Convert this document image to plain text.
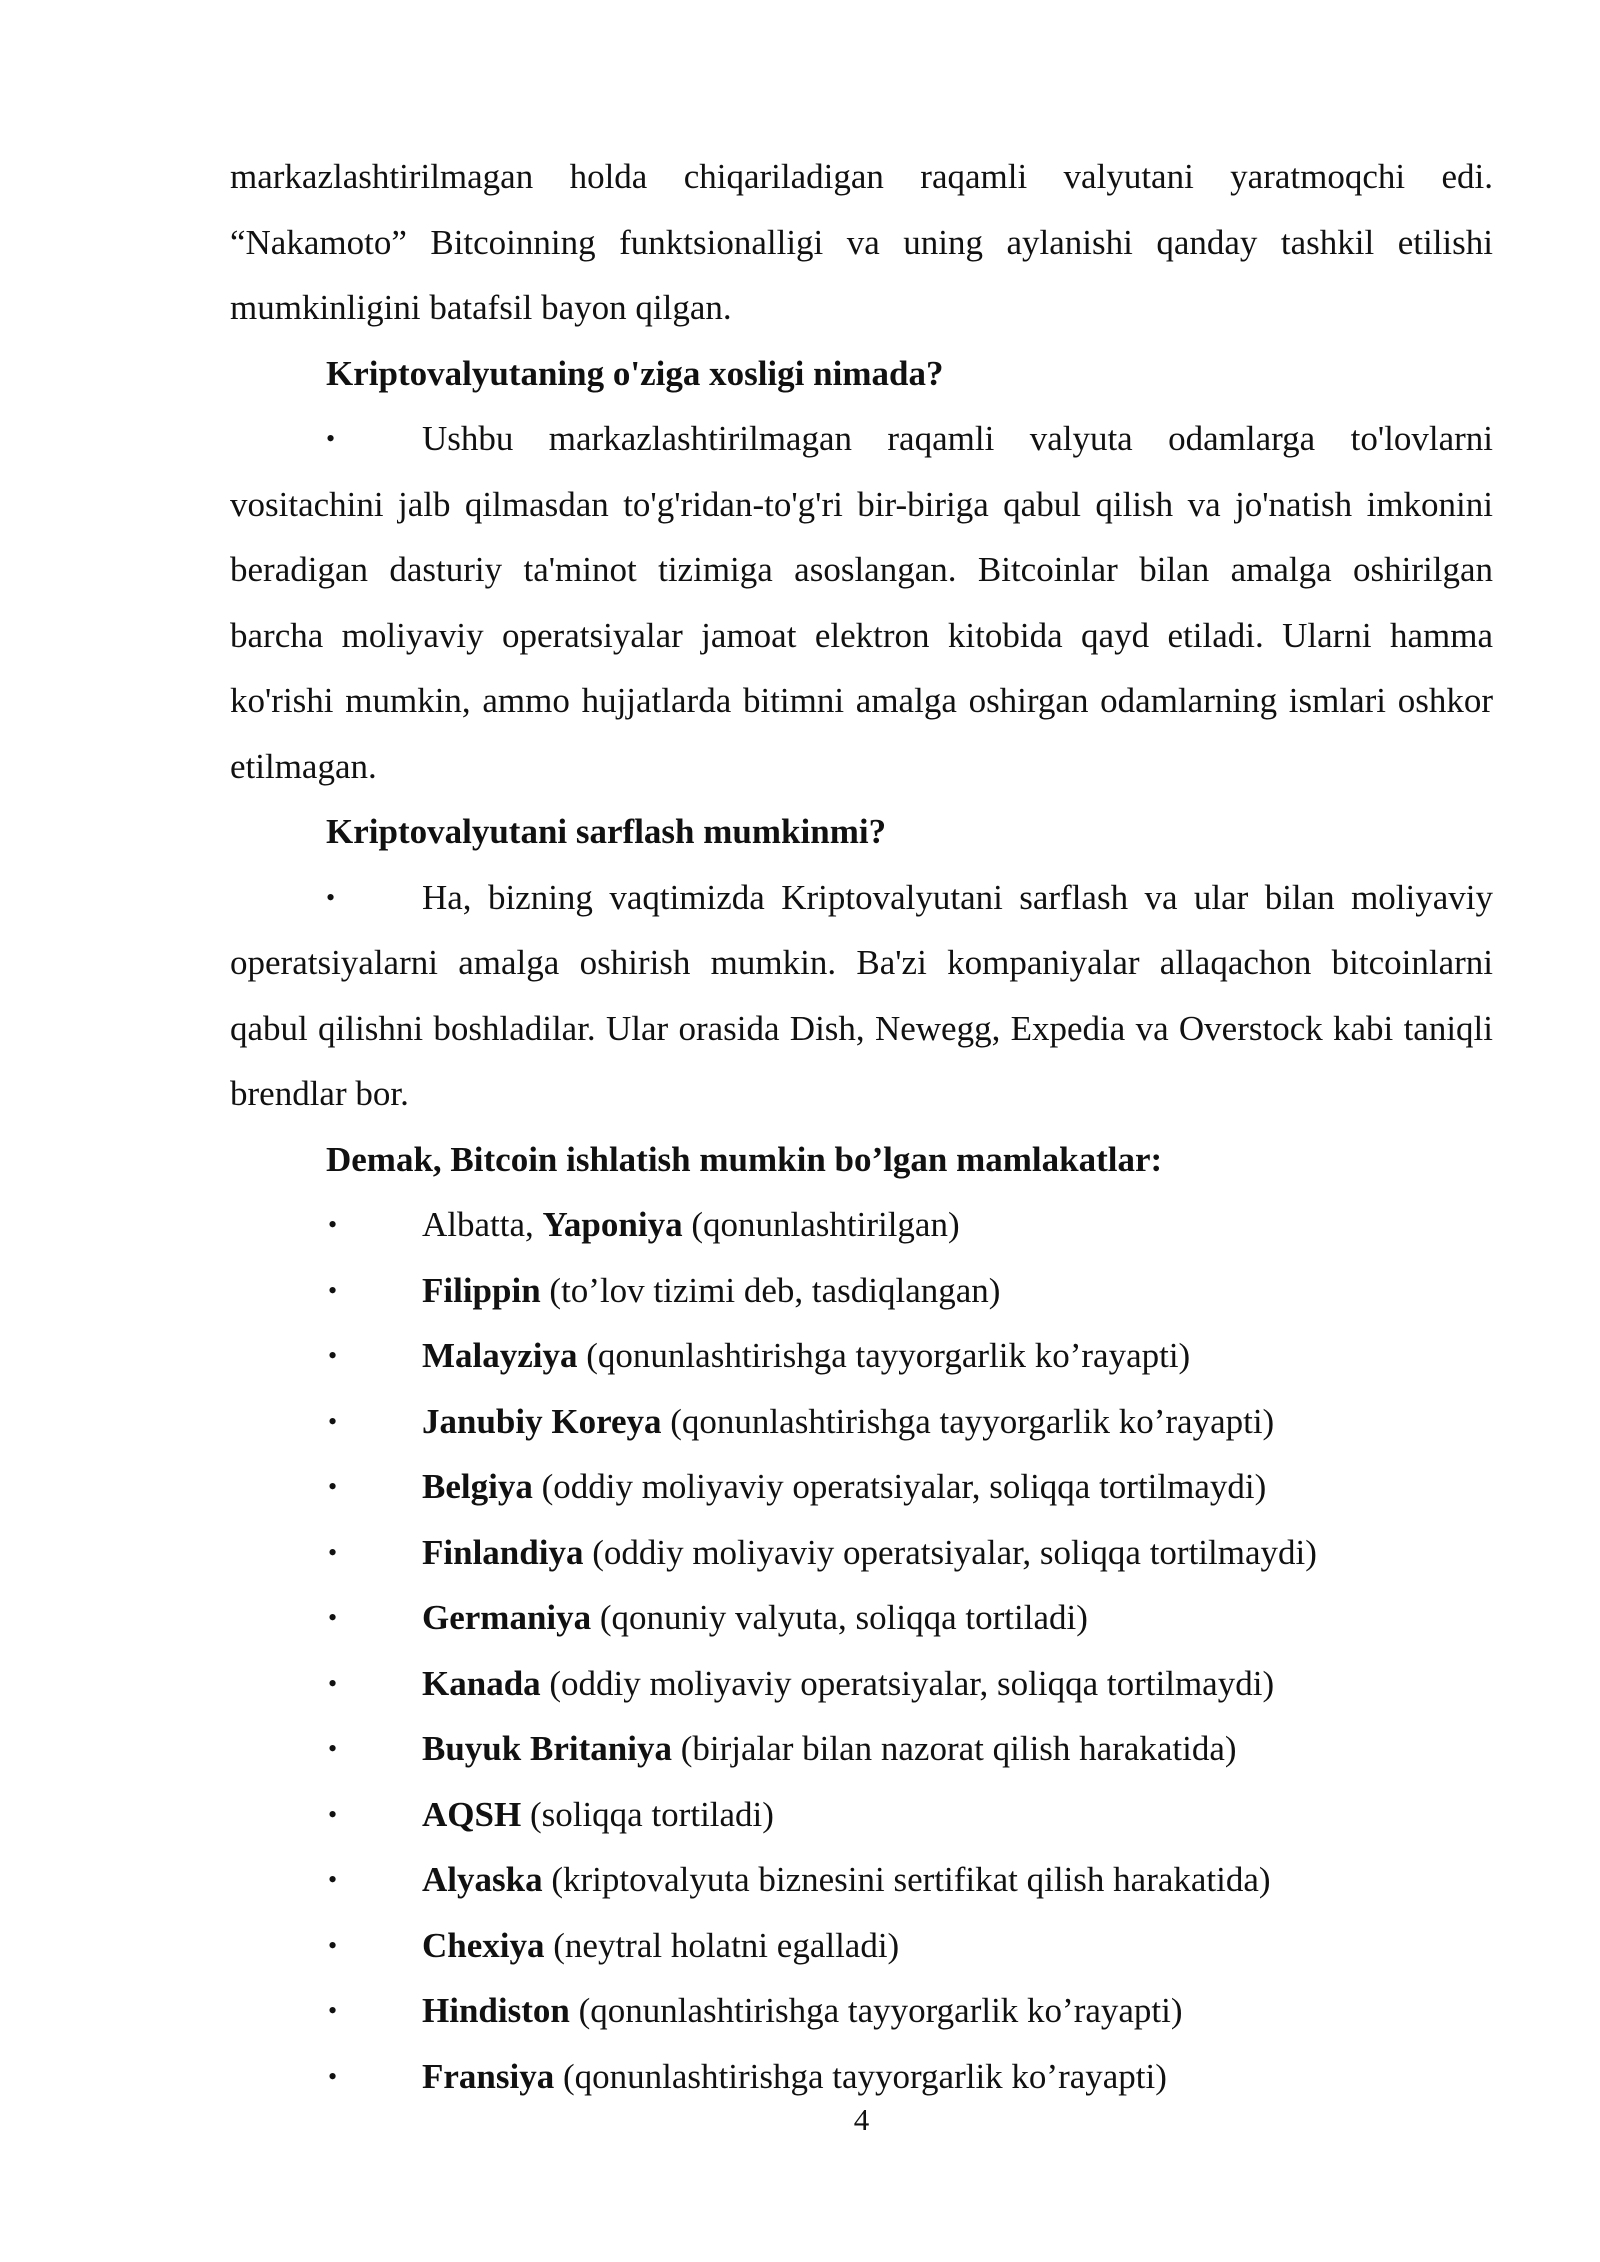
markazlashtirilmagan holda chiqariladigan raqamli valyutani yaratmoqchi edi. “Nakamoto” Bitcoinning funktsionalligi va uning aylanishi qanday tashkil etilishi mumkinligini batafsil bayon qilgan.

Kriptovalyutaning o'ziga xosligi nimada?

• Ushbu markazlashtirilmagan raqamli valyuta odamlarga to'lovlarni vositachini jalb qilmasdan to'g'ridan-to'g'ri bir-biriga qabul qilish va jo'natish imkonini beradigan dasturiy ta'minot tizimiga asoslangan. Bitcoinlar bilan amalga oshirilgan barcha moliyaviy operatsiyalar jamoat elektron kitobida qayd etiladi. Ularni hamma ko'rishi mumkin, ammo hujjatlarda bitimni amalga oshirgan odamlarning ismlari oshkor etilmagan.

Kriptovalyutani sarflash mumkinmi?

• Ha, bizning vaqtimizda Kriptovalyutani sarflash va ular bilan moliyaviy operatsiyalarni amalga oshirish mumkin. Ba'zi kompaniyalar allaqachon bitcoinlarni qabul qilishni boshladilar. Ular orasida Dish, Newegg, Expedia va Overstock kabi taniqli brendlar bor.

Demak, Bitcoin ishlatish mumkin bo’lgan mamlakatlar:

• Albatta, Yaponiya (qonunlashtirilgan)
• Filippin (to’lov tizimi deb, tasdiqlangan)
• Malayziya (qonunlashtirishga tayyorgarlik ko’rayapti)
• Janubiy Koreya (qonunlashtirishga tayyorgarlik ko’rayapti)
• Belgiya (oddiy moliyaviy operatsiyalar, soliqqa tortilmaydi)
• Finlandiya (oddiy moliyaviy operatsiyalar, soliqqa tortilmaydi)
• Germaniya (qonuniy valyuta, soliqqa tortiladi)
• Kanada (oddiy moliyaviy operatsiyalar, soliqqa tortilmaydi)
• Buyuk Britaniya (birjalar bilan nazorat qilish harakatida)
• AQSH (soliqqa tortiladi)
• Alyaska (kriptovalyuta biznesini sertifikat qilish harakatida)
• Chexiya (neytral holatni egalladi)
• Hindiston (qonunlashtirishga tayyorgarlik ko’rayapti)
• Fransiya (qonunlashtirishga tayyorgarlik ko’rayapti)
4
